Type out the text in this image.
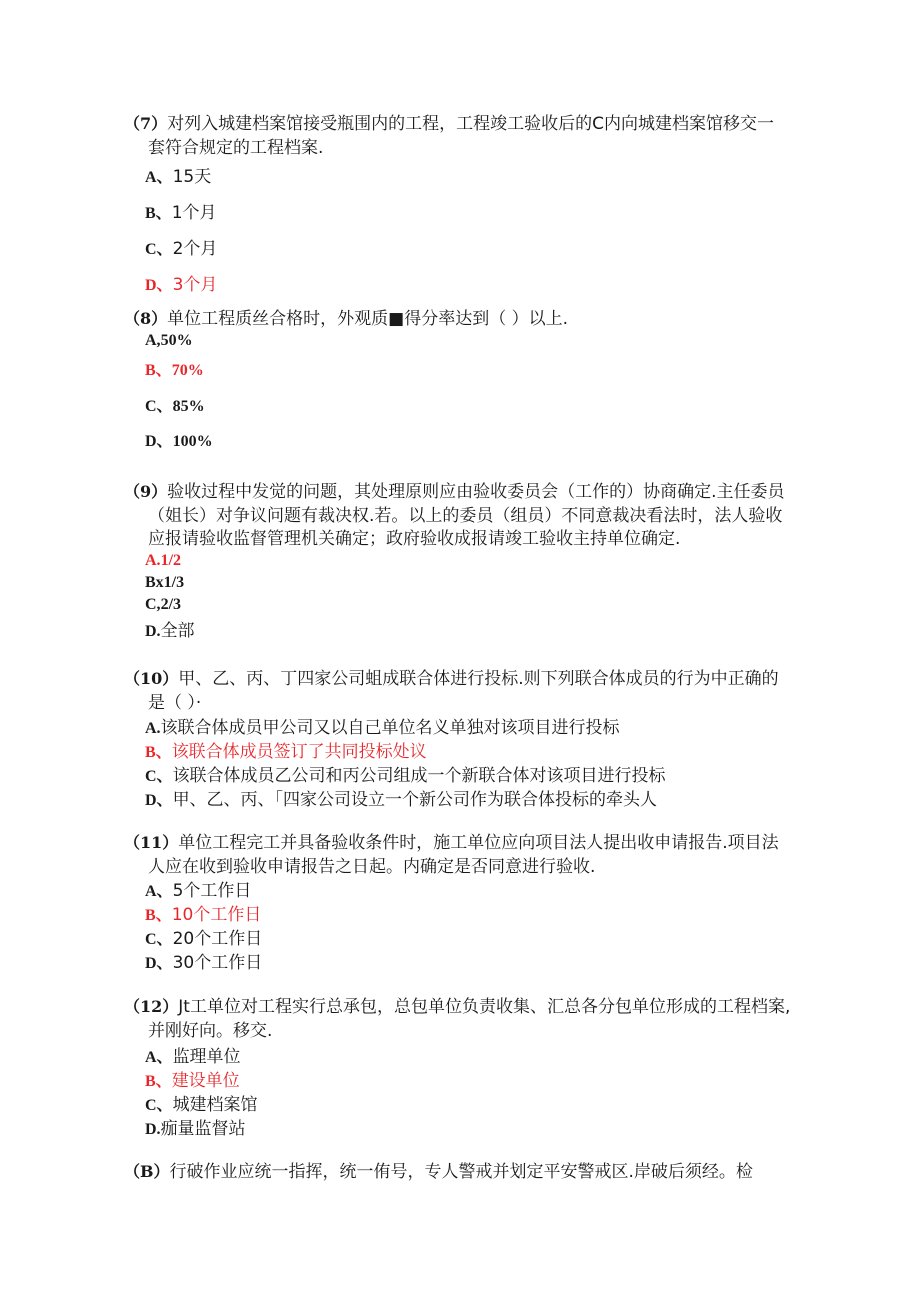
（7）对列入城建档案馆接受瓶围内的工程，工程竣工验收后的C内向城建档案馆移交一
套符合规定的工程档案.
A、15天
B、1个月
C、2个月
D、3个月
（8）单位工程质丝合格时，外观质■得分率达到（ ）以上.
A,50%
B、70%
C、85%
D、100%
（9）验收过程中发觉的问题，其处理原则应由验收委员会（工作的）协商确定.主任委员
（姐长）对争议问题有裁决权.若。以上的委员（组员）不同意裁决看法时，法人验收
应报请验收监督管理机关确定；政府验收成报请竣工验收主持单位确定.
A.1/2
Bx1/3
C,2/3
D.全部
（10）甲、乙、丙、丁四家公司蛆成联合体进行投标.则下列联合体成员的行为中正确的
是（ ）·
A.该联合体成员甲公司又以自己单位名义单独对该项目进行投标
B、该联合体成员签订了共同投标处议
C、该联合体成员乙公司和丙公司组成一个新联合体对该项目进行投标
D、甲、乙、丙、「四家公司设立一个新公司作为联合体投标的牵头人
（11）单位工程完工并具备验收条件时，施工单位应向项目法人提出收申请报告.项目法
人应在收到验收申请报告之日起。内确定是否同意进行验收.
A、5个工作日
B、10个工作日
C、20个工作日
D、30个工作日
（12）Jt工单位对工程实行总承包，总包单位负责收集、汇总各分包单位形成的工程档案,
并刚好向。移交.
A、监理单位
B、建设单位
C、城建档案馆
D.痂量监督站
（B）行破作业应统一指挥，统一侑号，专人警戒并划定平安警戒区.岸破后须经。检
